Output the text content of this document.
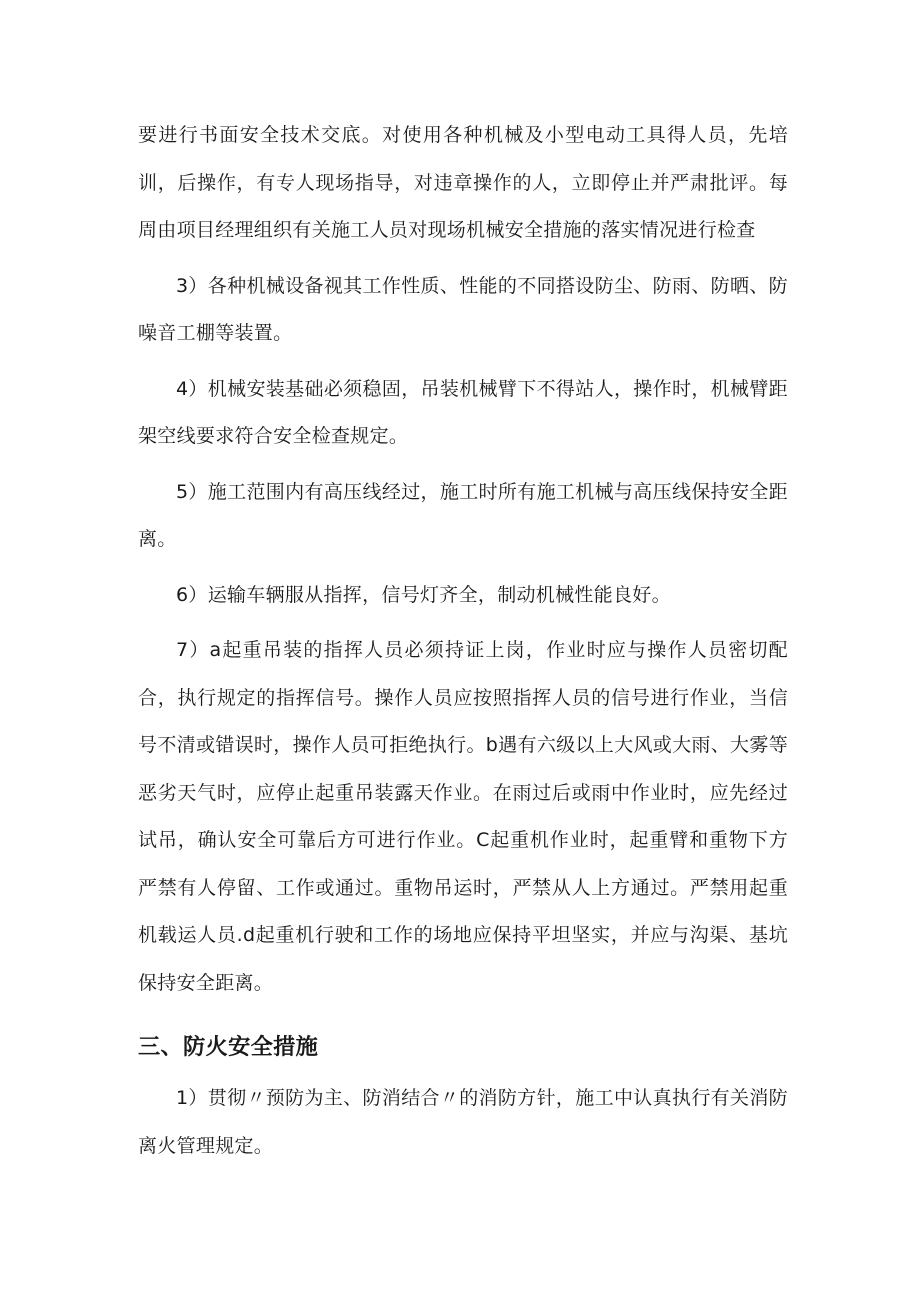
要进行书面安全技术交底。对使用各种机械及小型电动工具得人员，先培训，后操作，有专人现场指导，对违章操作的人，立即停止并严肃批评。每周由项目经理组织有关施工人员对现场机械安全措施的落实情况进行检查

3）各种机械设备视其工作性质、性能的不同搭设防尘、防雨、防晒、防噪音工棚等装置。

4）机械安装基础必须稳固，吊装机械臂下不得站人，操作时，机械臂距架空线要求符合安全检查规定。

5）施工范围内有高压线经过，施工时所有施工机械与高压线保持安全距离。

6）运输车辆服从指挥，信号灯齐全，制动机械性能良好。

7）a起重吊装的指挥人员必须持证上岗，作业时应与操作人员密切配合，执行规定的指挥信号。操作人员应按照指挥人员的信号进行作业，当信号不清或错误时，操作人员可拒绝执行。b遇有六级以上大风或大雨、大雾等恶劣天气时，应停止起重吊装露天作业。在雨过后或雨中作业时，应先经过试吊，确认安全可靠后方可进行作业。C起重机作业时，起重臂和重物下方严禁有人停留、工作或通过。重物吊运时，严禁从人上方通过。严禁用起重机载运人员.d起重机行驶和工作的场地应保持平坦坚实，并应与沟渠、基坑保持安全距离。

三、防火安全措施

1）贯彻〃预防为主、防消结合〃的消防方针，施工中认真执行有关消防离火管理规定。
